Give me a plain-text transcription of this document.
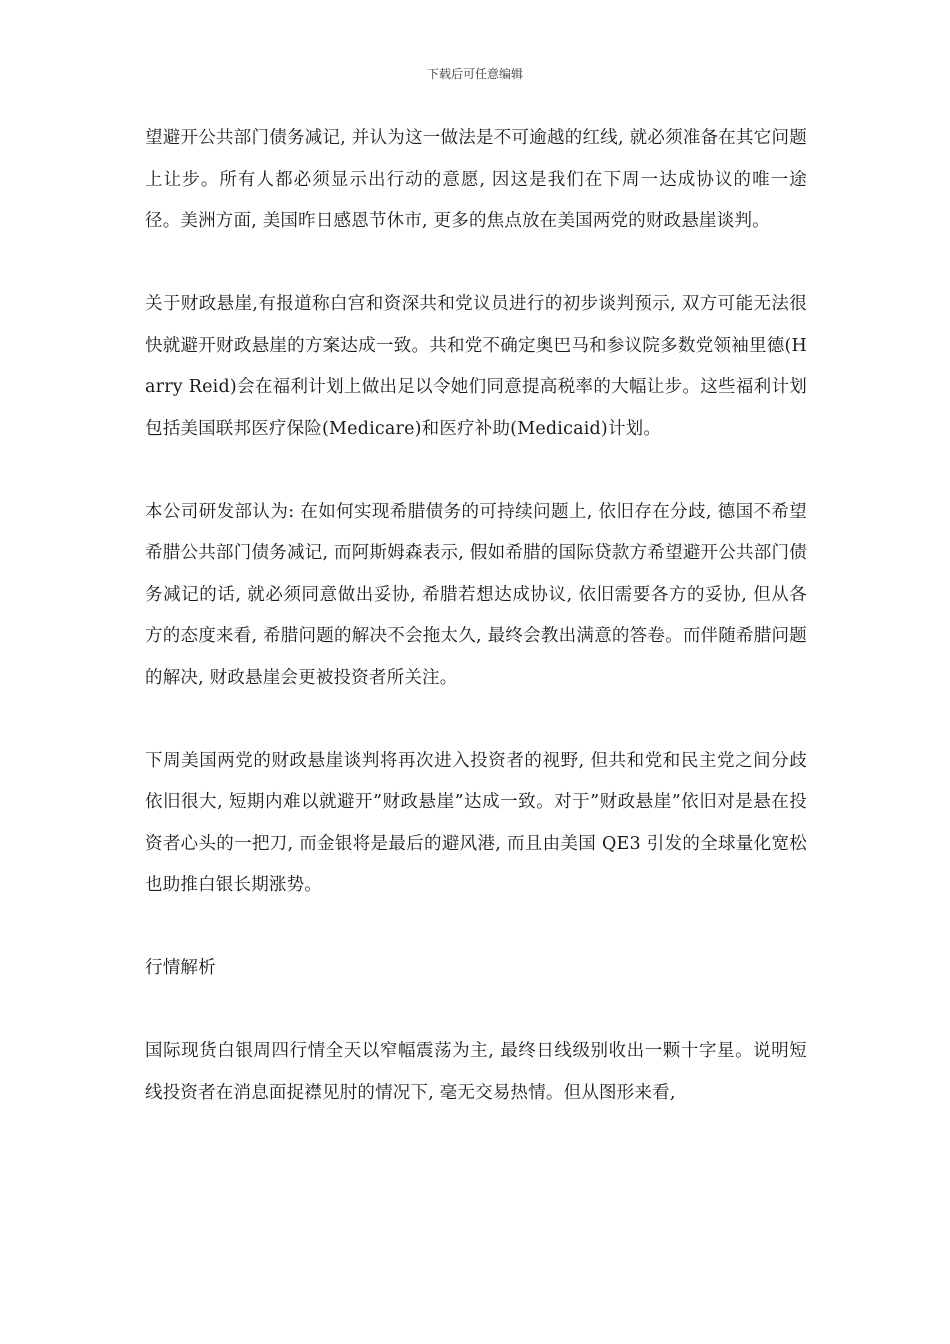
下载后可任意编辑

望避开公共部门债务减记, 并认为这一做法是不可逾越的红线, 就必须准备在其它问题上让步。所有人都必须显示出行动的意愿, 因这是我们在下周一达成协议的唯一途径。美洲方面, 美国昨日感恩节休市, 更多的焦点放在美国两党的财政悬崖谈判。

关于财政悬崖,有报道称白宫和资深共和党议员进行的初步谈判预示, 双方可能无法很快就避开财政悬崖的方案达成一致。共和党不确定奥巴马和参议院多数党领袖里德(Harry Reid)会在福利计划上做出足以令她们同意提高税率的大幅让步。这些福利计划包括美国联邦医疗保险(Medicare)和医疗补助(Medicaid)计划。

本公司研发部认为: 在如何实现希腊债务的可持续问题上, 依旧存在分歧, 德国不希望希腊公共部门债务减记, 而阿斯姆森表示, 假如希腊的国际贷款方希望避开公共部门债务减记的话, 就必须同意做出妥协, 希腊若想达成协议, 依旧需要各方的妥协, 但从各方的态度来看, 希腊问题的解决不会拖太久, 最终会教出满意的答卷。而伴随希腊问题的解决, 财政悬崖会更被投资者所关注。

下周美国两党的财政悬崖谈判将再次进入投资者的视野, 但共和党和民主党之间分歧依旧很大, 短期内难以就避开”财政悬崖”达成一致。对于”财政悬崖”依旧对是悬在投资者心头的一把刀, 而金银将是最后的避风港, 而且由美国 QE3 引发的全球量化宽松也助推白银长期涨势。

行情解析

国际现货白银周四行情全天以窄幅震荡为主, 最终日线级别收出一颗十字星。说明短线投资者在消息面捉襟见肘的情况下, 毫无交易热情。但从图形来看,
